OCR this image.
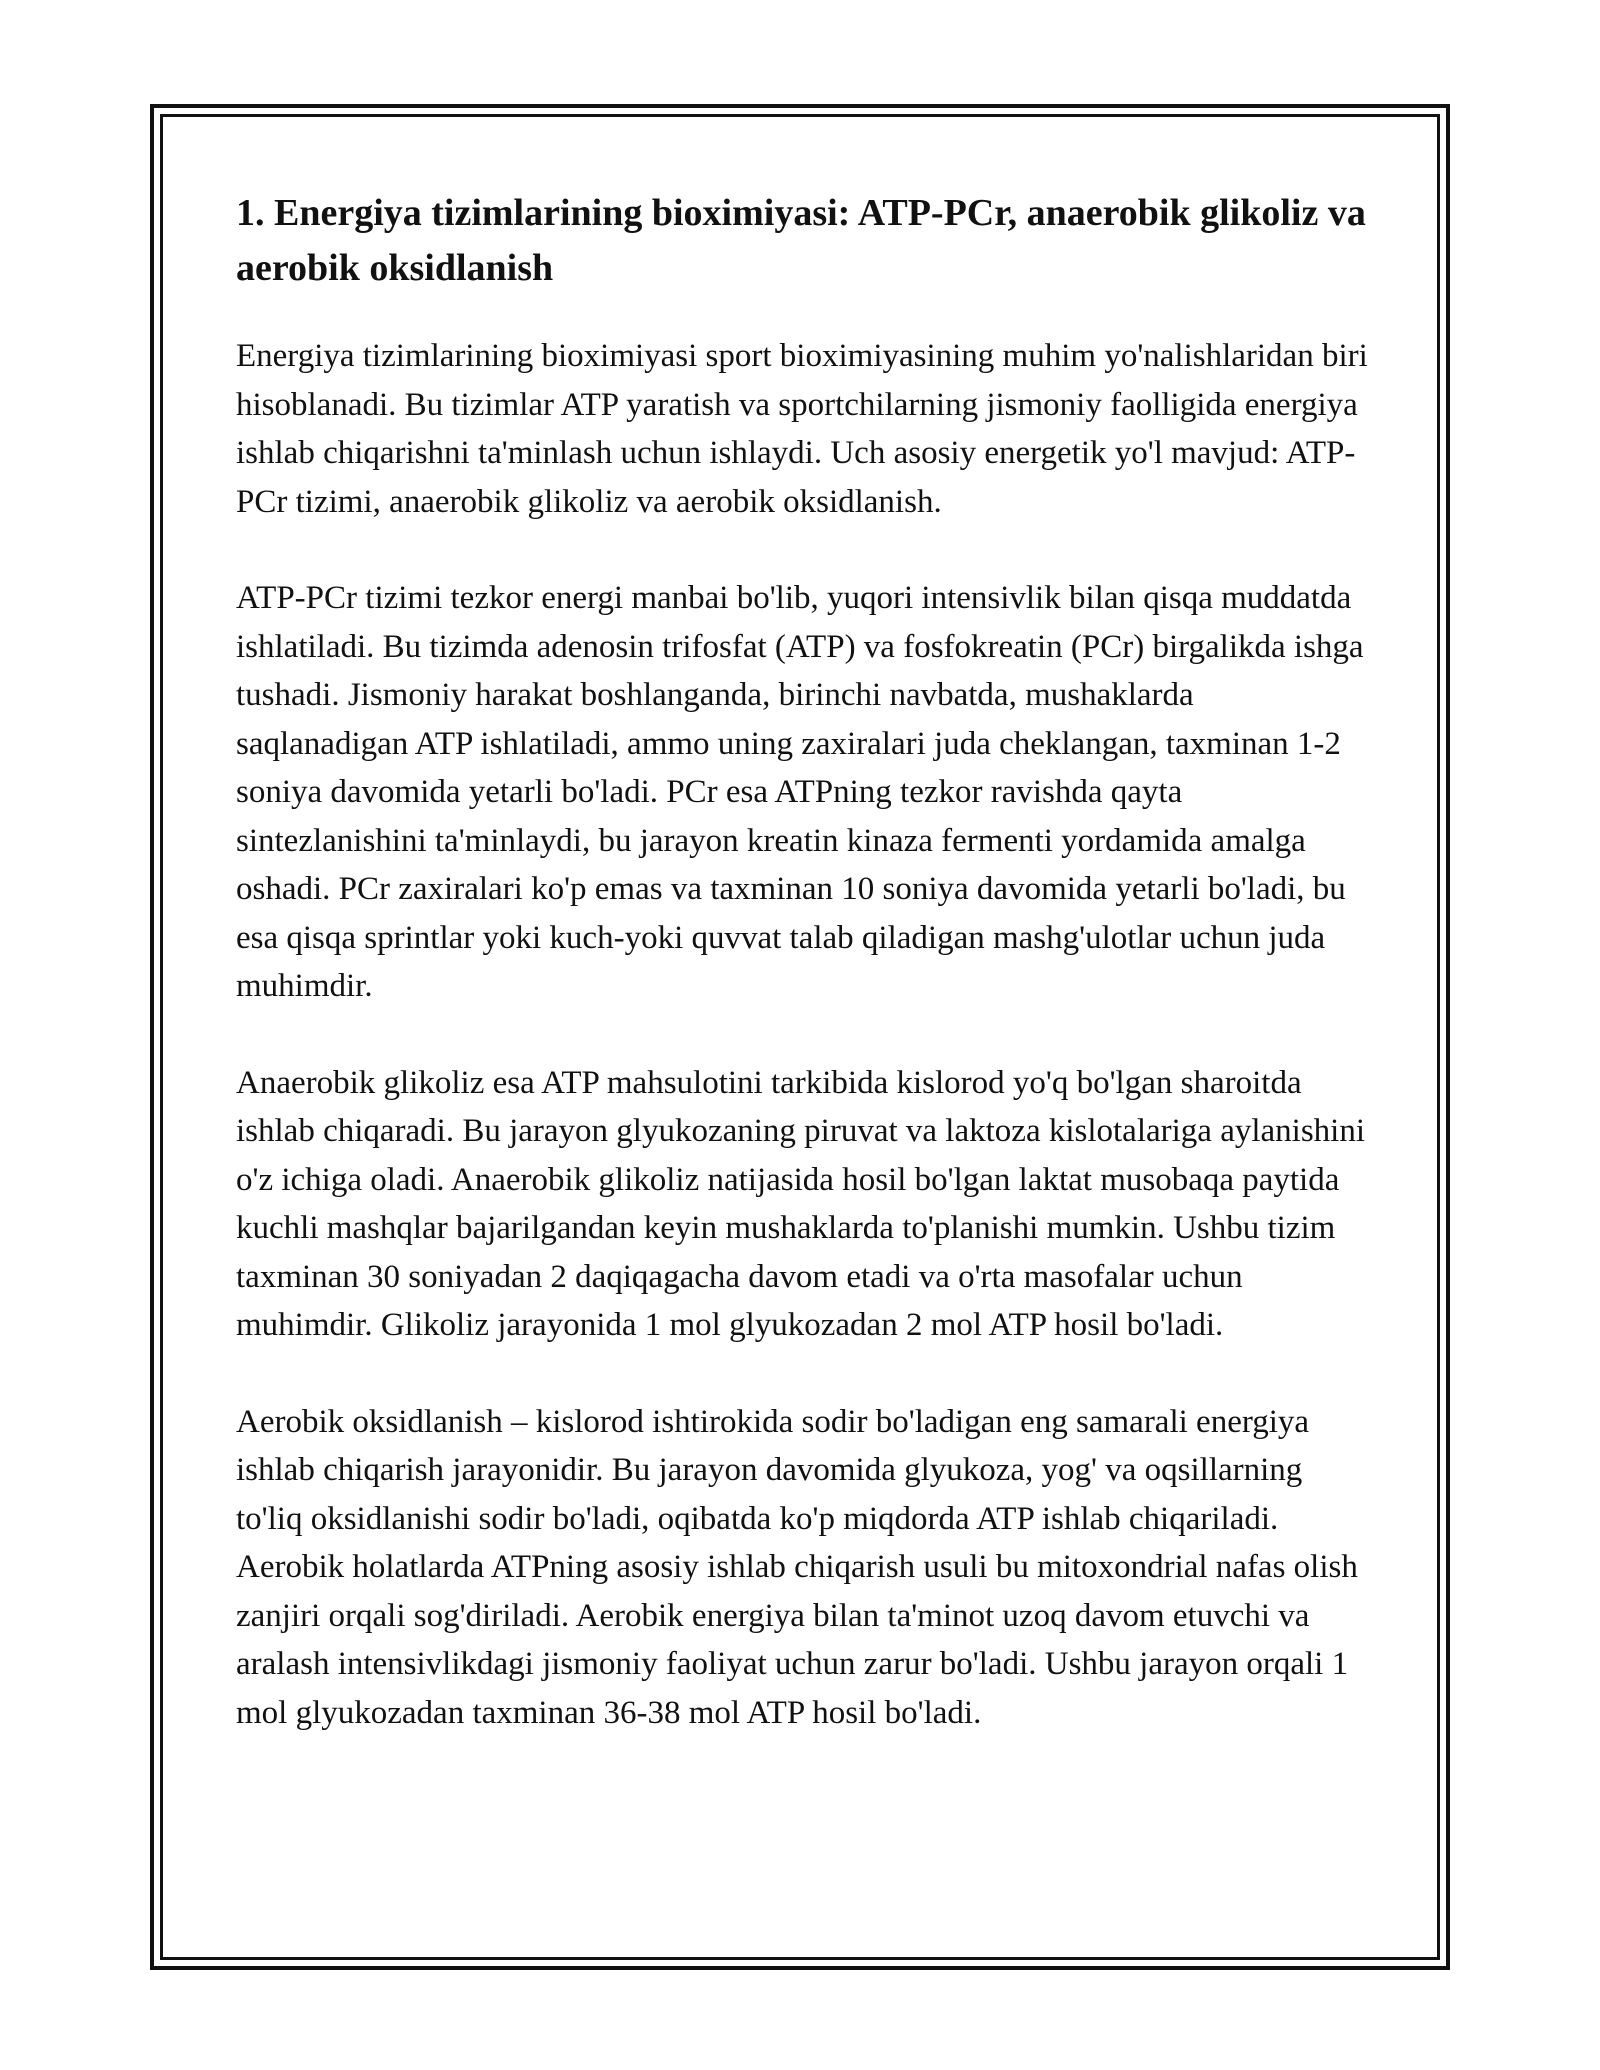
1. Energiya tizimlarining bioximiyasi: ATP-PCr, anaerobik glikoliz va aerobik oksidlanish

Energiya tizimlarining bioximiyasi sport bioximiyasining muhim yo'nalishlaridan biri hisoblanadi. Bu tizimlar ATP yaratish va sportchilarning jismoniy faolligida energiya ishlab chiqarishni ta'minlash uchun ishlaydi. Uch asosiy energetik yo'l mavjud: ATP-PCr tizimi, anaerobik glikoliz va aerobik oksidlanish.

ATP-PCr tizimi tezkor energi manbai bo'lib, yuqori intensivlik bilan qisqa muddatda ishlatiladi. Bu tizimda adenosin trifosfat (ATP) va fosfokreatin (PCr) birgalikda ishga tushadi. Jismoniy harakat boshlanganda, birinchi navbatda, mushaklarda saqlanadigan ATP ishlatiladi, ammo uning zaxiralari juda cheklangan, taxminan 1-2 soniya davomida yetarli bo'ladi. PCr esa ATPning tezkor ravishda qayta sintezlanishini ta'minlaydi, bu jarayon kreatin kinaza fermenti yordamida amalga oshadi. PCr zaxiralari ko'p emas va taxminan 10 soniya davomida yetarli bo'ladi, bu esa qisqa sprintlar yoki kuch-yoki quvvat talab qiladigan mashg'ulotlar uchun juda muhimdir.

Anaerobik glikoliz esa ATP mahsulotini tarkibida kislorod yo'q bo'lgan sharoitda ishlab chiqaradi. Bu jarayon glyukozaning piruvat va laktoza kislotalariga aylanishini o'z ichiga oladi. Anaerobik glikoliz natijasida hosil bo'lgan laktat musobaqa paytida kuchli mashqlar bajarilgandan keyin mushaklarda to'planishi mumkin. Ushbu tizim taxminan 30 soniyadan 2 daqiqagacha davom etadi va o'rta masofalar uchun muhimdir. Glikoliz jarayonida 1 mol glyukozadan 2 mol ATP hosil bo'ladi.

Aerobik oksidlanish – kislorod ishtirokida sodir bo'ladigan eng samarali energiya ishlab chiqarish jarayonidir. Bu jarayon davomida glyukoza, yog' va oqsillarning to'liq oksidlanishi sodir bo'ladi, oqibatda ko'p miqdorda ATP ishlab chiqariladi. Aerobik holatlarda ATPning asosiy ishlab chiqarish usuli bu mitoxondrial nafas olish zanjiri orqali sog'diriladi. Aerobik energiya bilan ta'minot uzoq davom etuvchi va aralash intensivlikdagi jismoniy faoliyat uchun zarur bo'ladi. Ushbu jarayon orqali 1 mol glyukozadan taxminan 36-38 mol ATP hosil bo'ladi.
